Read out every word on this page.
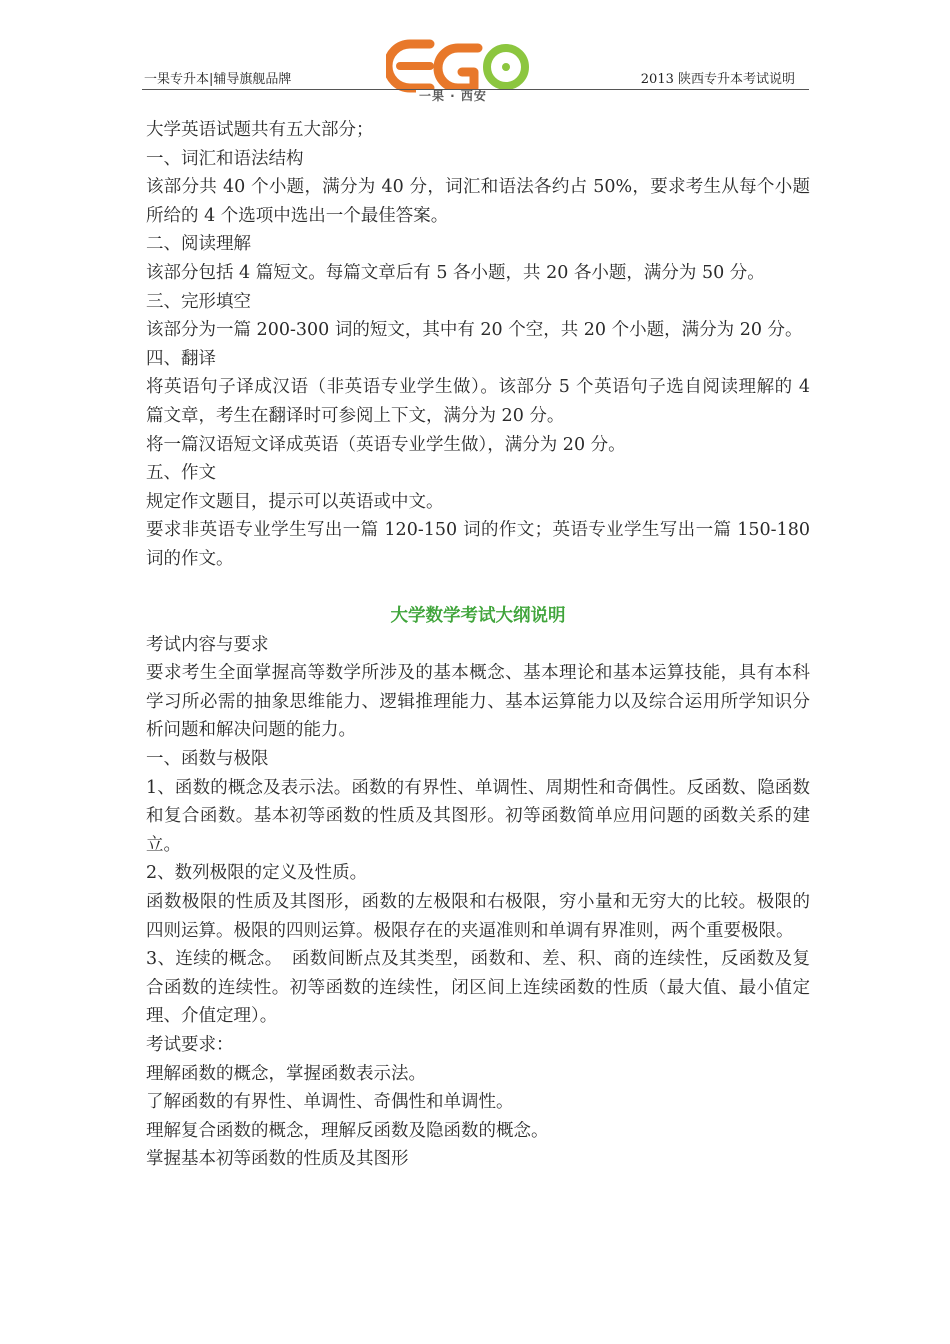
一果专升本|辅导旗舰品牌
一果 · 西安
2013 陕西专升本考试说明

大学英语试题共有五大部分；

一、词汇和语法结构

该部分共 40 个小题，满分为 40 分，词汇和语法各约占 50%，要求考生从每个小题所给的 4 个选项中选出一个最佳答案。

二、阅读理解

该部分包括 4 篇短文。每篇文章后有 5 各小题，共 20 各小题，满分为 50 分。

三、完形填空

该部分为一篇 200-300 词的短文，其中有 20 个空，共 20 个小题，满分为 20 分。

四、翻译

将英语句子译成汉语（非英语专业学生做）。该部分 5 个英语句子选自阅读理解的 4 篇文章，考生在翻译时可参阅上下文，满分为 20 分。

将一篇汉语短文译成英语（英语专业学生做），满分为 20 分。

五、作文

规定作文题目，提示可以英语或中文。

要求非英语专业学生写出一篇 120-150 词的作文；英语专业学生写出一篇 150-180 词的作文。

大学数学考试大纲说明

考试内容与要求

要求考生全面掌握高等数学所涉及的基本概念、基本理论和基本运算技能，具有本科学习所必需的抽象思维能力、逻辑推理能力、基本运算能力以及综合运用所学知识分析问题和解决问题的能力。

一、函数与极限

1、函数的概念及表示法。函数的有界性、单调性、周期性和奇偶性。反函数、隐函数和复合函数。基本初等函数的性质及其图形。初等函数简单应用问题的函数关系的建立。

2、数列极限的定义及性质。

函数极限的性质及其图形，函数的左极限和右极限，穷小量和无穷大的比较。极限的四则运算。极限的四则运算。极限存在的夹逼准则和单调有界准则，两个重要极限。

3、连续的概念。　函数间断点及其类型，函数和、差、积、商的连续性，反函数及复合函数的连续性。初等函数的连续性，闭区间上连续函数的性质（最大值、最小值定理、介值定理）。

考试要求：

理解函数的概念，掌握函数表示法。

了解函数的有界性、单调性、奇偶性和单调性。

理解复合函数的概念，理解反函数及隐函数的概念。

掌握基本初等函数的性质及其图形
